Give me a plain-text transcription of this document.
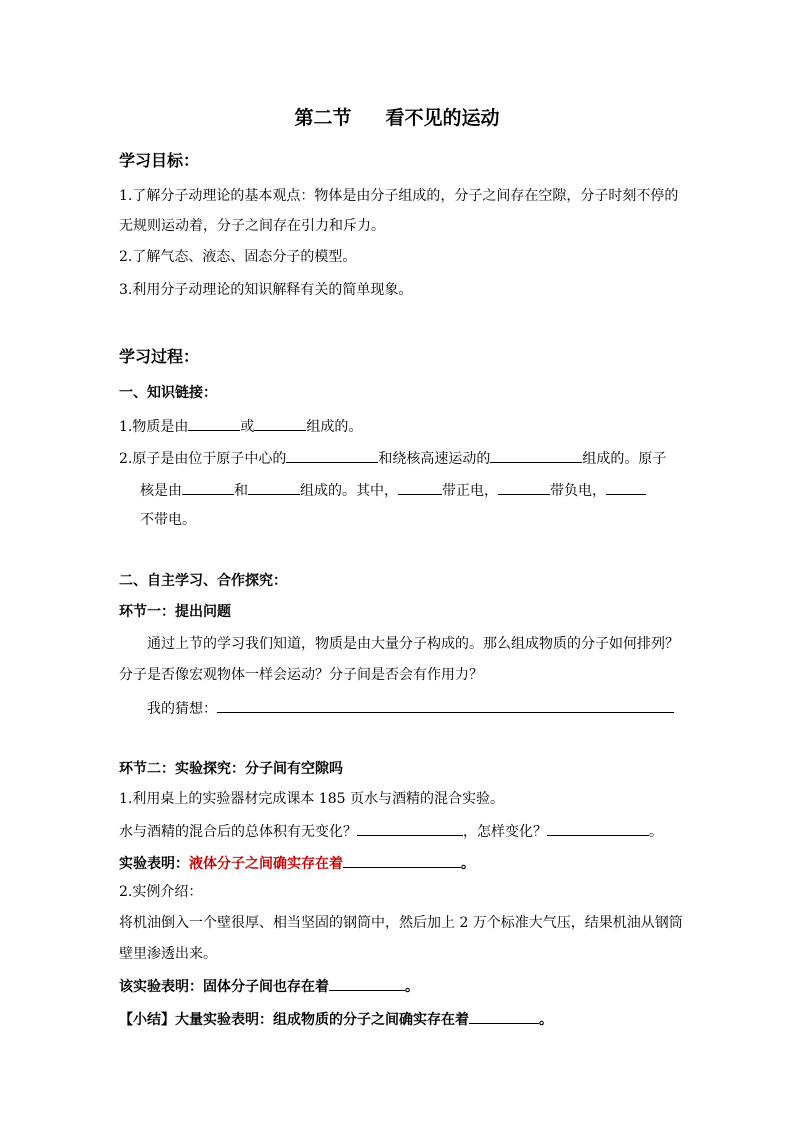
第二节 看不见的运动
学习目标：
1.了解分子动理论的基本观点：物体是由分子组成的，分子之间存在空隙，分子时刻不停的
无规则运动着，分子之间存在引力和斥力。
2.了解气态、液态、固态分子的模型。
3.利用分子动理论的知识解释有关的简单现象。
学习过程：
一、知识链接：
1.物质是由	或	组成的。
2.原子是由位于原子中心的	和绕核高速运动的	组成的。原子
核是由	和	组成的。其中，	带正电，	带负电，
不带电。
二、自主学习、合作探究：
环节一：提出问题
通过上节的学习我们知道，物质是由大量分子构成的。那么组成物质的分子如何排列？
分子是否像宏观物体一样会运动？分子间是否会有作用力？
我的猜想：
环节二：实验探究：分子间有空隙吗
1.利用桌上的实验器材完成课本 185 页水与酒精的混合实验。
水与酒精的混合后的总体积有无变化？	，怎样变化？	。
实验表明：液体分子之间确实存在着	。
2.实例介绍：
将机油倒入一个壁很厚、相当坚固的钢筒中，然后加上 2 万个标准大气压，结果机油从钢筒
壁里渗透出来。
该实验表明：固体分子间也存在着	。
【小结】大量实验表明：组成物质的分子之间确实存在着	。
